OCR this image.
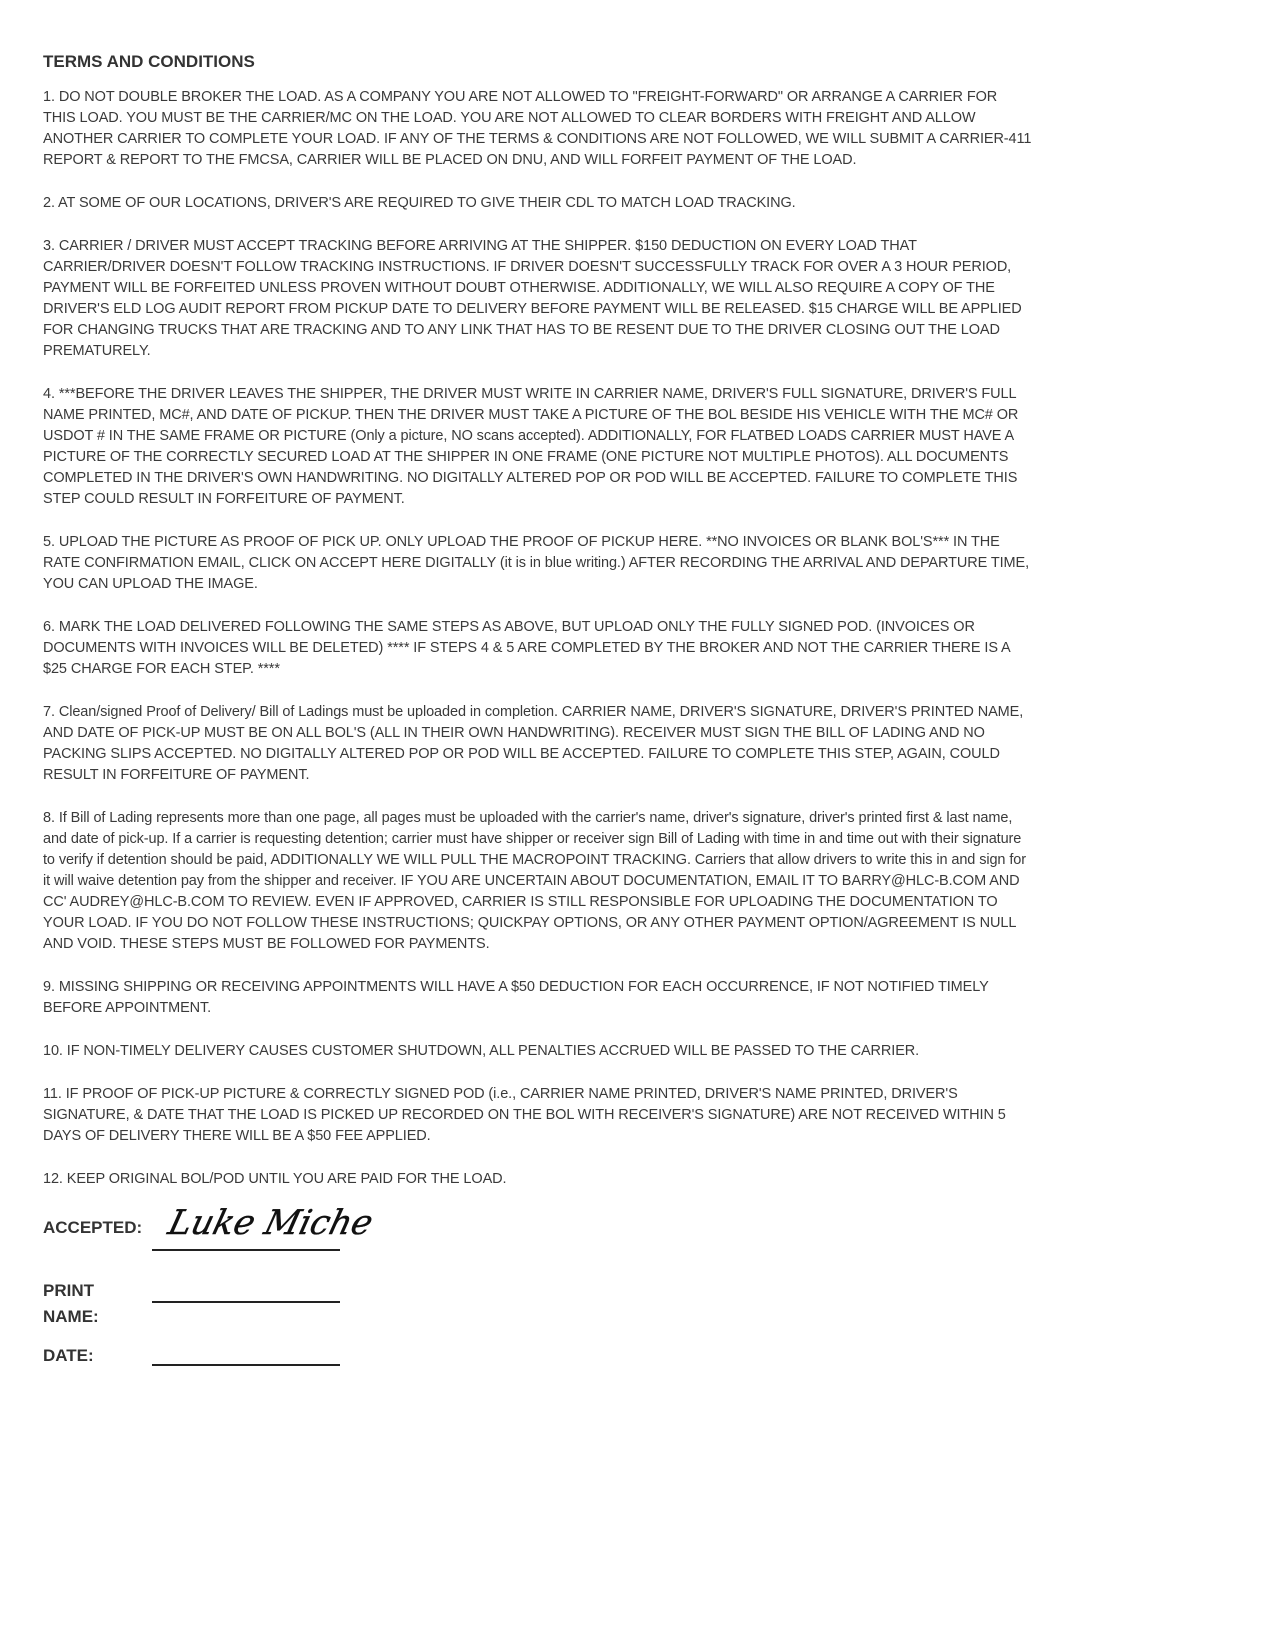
TERMS AND CONDITIONS

1. DO NOT DOUBLE BROKER THE LOAD. AS A COMPANY YOU ARE NOT ALLOWED TO "FREIGHT-FORWARD" OR ARRANGE A CARRIER FOR THIS LOAD. YOU MUST BE THE CARRIER/MC ON THE LOAD. YOU ARE NOT ALLOWED TO CLEAR BORDERS WITH FREIGHT AND ALLOW ANOTHER CARRIER TO COMPLETE YOUR LOAD. IF ANY OF THE TERMS & CONDITIONS ARE NOT FOLLOWED, WE WILL SUBMIT A CARRIER-411 REPORT & REPORT TO THE FMCSA, CARRIER WILL BE PLACED ON DNU, AND WILL FORFEIT PAYMENT OF THE LOAD.

2. AT SOME OF OUR LOCATIONS, DRIVER'S ARE REQUIRED TO GIVE THEIR CDL TO MATCH LOAD TRACKING.

3. CARRIER / DRIVER MUST ACCEPT TRACKING BEFORE ARRIVING AT THE SHIPPER. $150 DEDUCTION ON EVERY LOAD THAT CARRIER/DRIVER DOESN'T FOLLOW TRACKING INSTRUCTIONS. IF DRIVER DOESN'T SUCCESSFULLY TRACK FOR OVER A 3 HOUR PERIOD, PAYMENT WILL BE FORFEITED UNLESS PROVEN WITHOUT DOUBT OTHERWISE. ADDITIONALLY, WE WILL ALSO REQUIRE A COPY OF THE DRIVER'S ELD LOG AUDIT REPORT FROM PICKUP DATE TO DELIVERY BEFORE PAYMENT WILL BE RELEASED. $15 CHARGE WILL BE APPLIED FOR CHANGING TRUCKS THAT ARE TRACKING AND TO ANY LINK THAT HAS TO BE RESENT DUE TO THE DRIVER CLOSING OUT THE LOAD PREMATURELY.

4. ***BEFORE THE DRIVER LEAVES THE SHIPPER, THE DRIVER MUST WRITE IN CARRIER NAME, DRIVER'S FULL SIGNATURE, DRIVER'S FULL NAME PRINTED, MC#, AND DATE OF PICKUP. THEN THE DRIVER MUST TAKE A PICTURE OF THE BOL BESIDE HIS VEHICLE WITH THE MC# OR USDOT # IN THE SAME FRAME OR PICTURE (Only a picture, NO scans accepted). ADDITIONALLY, FOR FLATBED LOADS CARRIER MUST HAVE A PICTURE OF THE CORRECTLY SECURED LOAD AT THE SHIPPER IN ONE FRAME (ONE PICTURE NOT MULTIPLE PHOTOS). ALL DOCUMENTS COMPLETED IN THE DRIVER'S OWN HANDWRITING. NO DIGITALLY ALTERED POP OR POD WILL BE ACCEPTED. FAILURE TO COMPLETE THIS STEP COULD RESULT IN FORFEITURE OF PAYMENT.

5. UPLOAD THE PICTURE AS PROOF OF PICK UP. ONLY UPLOAD THE PROOF OF PICKUP HERE. **NO INVOICES OR BLANK BOL'S*** IN THE RATE CONFIRMATION EMAIL, CLICK ON ACCEPT HERE DIGITALLY (it is in blue writing.) AFTER RECORDING THE ARRIVAL AND DEPARTURE TIME, YOU CAN UPLOAD THE IMAGE.

6. MARK THE LOAD DELIVERED FOLLOWING THE SAME STEPS AS ABOVE, BUT UPLOAD ONLY THE FULLY SIGNED POD. (INVOICES OR DOCUMENTS WITH INVOICES WILL BE DELETED) **** IF STEPS 4 & 5 ARE COMPLETED BY THE BROKER AND NOT THE CARRIER THERE IS A $25 CHARGE FOR EACH STEP. ****

7. Clean/signed Proof of Delivery/ Bill of Ladings must be uploaded in completion. CARRIER NAME, DRIVER'S SIGNATURE, DRIVER'S PRINTED NAME, AND DATE OF PICK-UP MUST BE ON ALL BOL'S (ALL IN THEIR OWN HANDWRITING). RECEIVER MUST SIGN THE BILL OF LADING AND NO PACKING SLIPS ACCEPTED. NO DIGITALLY ALTERED POP OR POD WILL BE ACCEPTED. FAILURE TO COMPLETE THIS STEP, AGAIN, COULD RESULT IN FORFEITURE OF PAYMENT.

8. If Bill of Lading represents more than one page, all pages must be uploaded with the carrier's name, driver's signature, driver's printed first & last name, and date of pick-up. If a carrier is requesting detention; carrier must have shipper or receiver sign Bill of Lading with time in and time out with their signature to verify if detention should be paid, ADDITIONALLY WE WILL PULL THE MACROPOINT TRACKING. Carriers that allow drivers to write this in and sign for it will waive detention pay from the shipper and receiver. IF YOU ARE UNCERTAIN ABOUT DOCUMENTATION, EMAIL IT TO BARRY@HLC-B.COM AND CC' AUDREY@HLC-B.COM TO REVIEW. EVEN IF APPROVED, CARRIER IS STILL RESPONSIBLE FOR UPLOADING THE DOCUMENTATION TO YOUR LOAD. IF YOU DO NOT FOLLOW THESE INSTRUCTIONS; QUICKPAY OPTIONS, OR ANY OTHER PAYMENT OPTION/AGREEMENT IS NULL AND VOID. THESE STEPS MUST BE FOLLOWED FOR PAYMENTS.

9. MISSING SHIPPING OR RECEIVING APPOINTMENTS WILL HAVE A $50 DEDUCTION FOR EACH OCCURRENCE, IF NOT NOTIFIED TIMELY BEFORE APPOINTMENT.

10. IF NON-TIMELY DELIVERY CAUSES CUSTOMER SHUTDOWN, ALL PENALTIES ACCRUED WILL BE PASSED TO THE CARRIER.

11. IF PROOF OF PICK-UP PICTURE & CORRECTLY SIGNED POD (i.e., CARRIER NAME PRINTED, DRIVER'S NAME PRINTED, DRIVER'S SIGNATURE, & DATE THAT THE LOAD IS PICKED UP RECORDED ON THE BOL WITH RECEIVER'S SIGNATURE) ARE NOT RECEIVED WITHIN 5 DAYS OF DELIVERY THERE WILL BE A $50 FEE APPLIED.

12. KEEP ORIGINAL BOL/POD UNTIL YOU ARE PAID FOR THE LOAD.

ACCEPTED: Luke Miche
PRINT
NAME:
DATE:
